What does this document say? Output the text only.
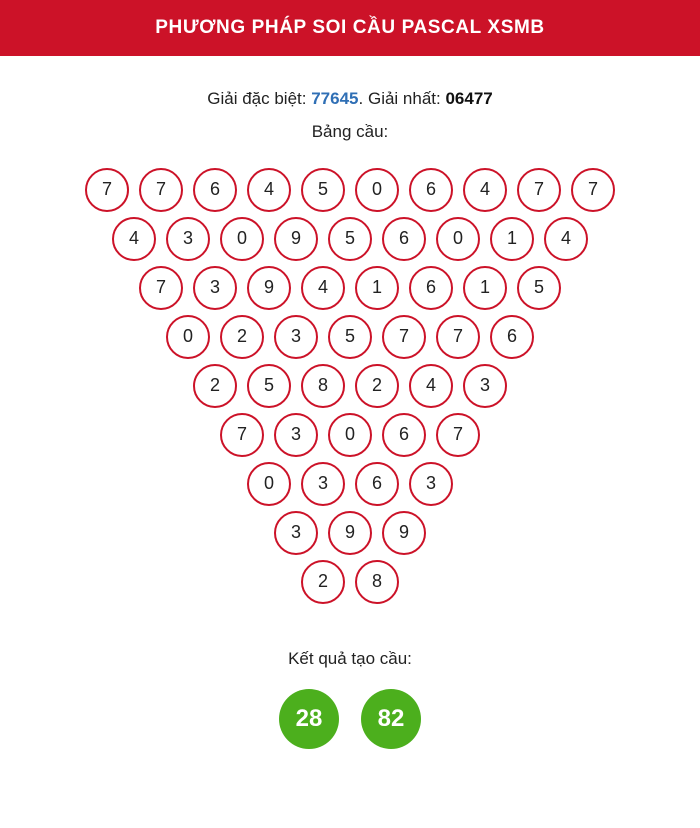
PHƯƠNG PHÁP SOI CẦU PASCAL XSMB
Giải đặc biệt: 77645. Giải nhất: 06477
Bảng cầu:
7	7	6	4	5	0	6	4	7	7
4	3	0	9	5	6	0	1	4
7	3	9	4	1	6	1	5
0	2	3	5	7	7	6
2	5	8	2	4	3
7	3	0	6	7
0	3	6	3
3	9	9
2	8
Kết quả tạo cầu:
28	82
